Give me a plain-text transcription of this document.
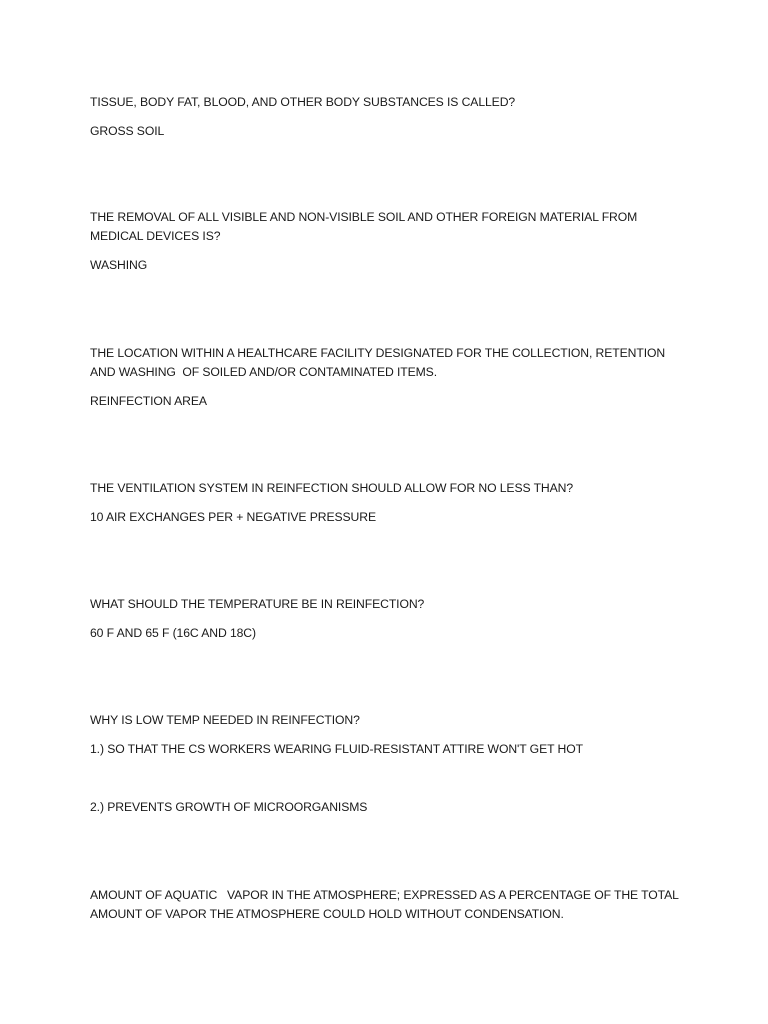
TISSUE, BODY FAT, BLOOD, AND OTHER BODY SUBSTANCES IS CALLED?
GROSS SOIL
THE REMOVAL OF ALL VISIBLE AND NON-VISIBLE SOIL AND OTHER FOREIGN MATERIAL FROM MEDICAL DEVICES IS?
WASHING
THE LOCATION WITHIN A HEALTHCARE FACILITY DESIGNATED FOR THE COLLECTION, RETENTION AND WASHING  OF SOILED AND/OR CONTAMINATED ITEMS.
REINFECTION AREA
THE VENTILATION SYSTEM IN REINFECTION SHOULD ALLOW FOR NO LESS THAN?
10 AIR EXCHANGES PER + NEGATIVE PRESSURE
WHAT SHOULD THE TEMPERATURE BE IN REINFECTION?
60 F AND 65 F (16C AND 18C)
WHY IS LOW TEMP NEEDED IN REINFECTION?
1.) SO THAT THE CS WORKERS WEARING FLUID-RESISTANT ATTIRE WON'T GET HOT
2.) PREVENTS GROWTH OF MICROORGANISMS
AMOUNT OF AQUATIC   VAPOR IN THE ATMOSPHERE; EXPRESSED AS A PERCENTAGE OF THE TOTAL AMOUNT OF VAPOR THE ATMOSPHERE COULD HOLD WITHOUT CONDENSATION.
